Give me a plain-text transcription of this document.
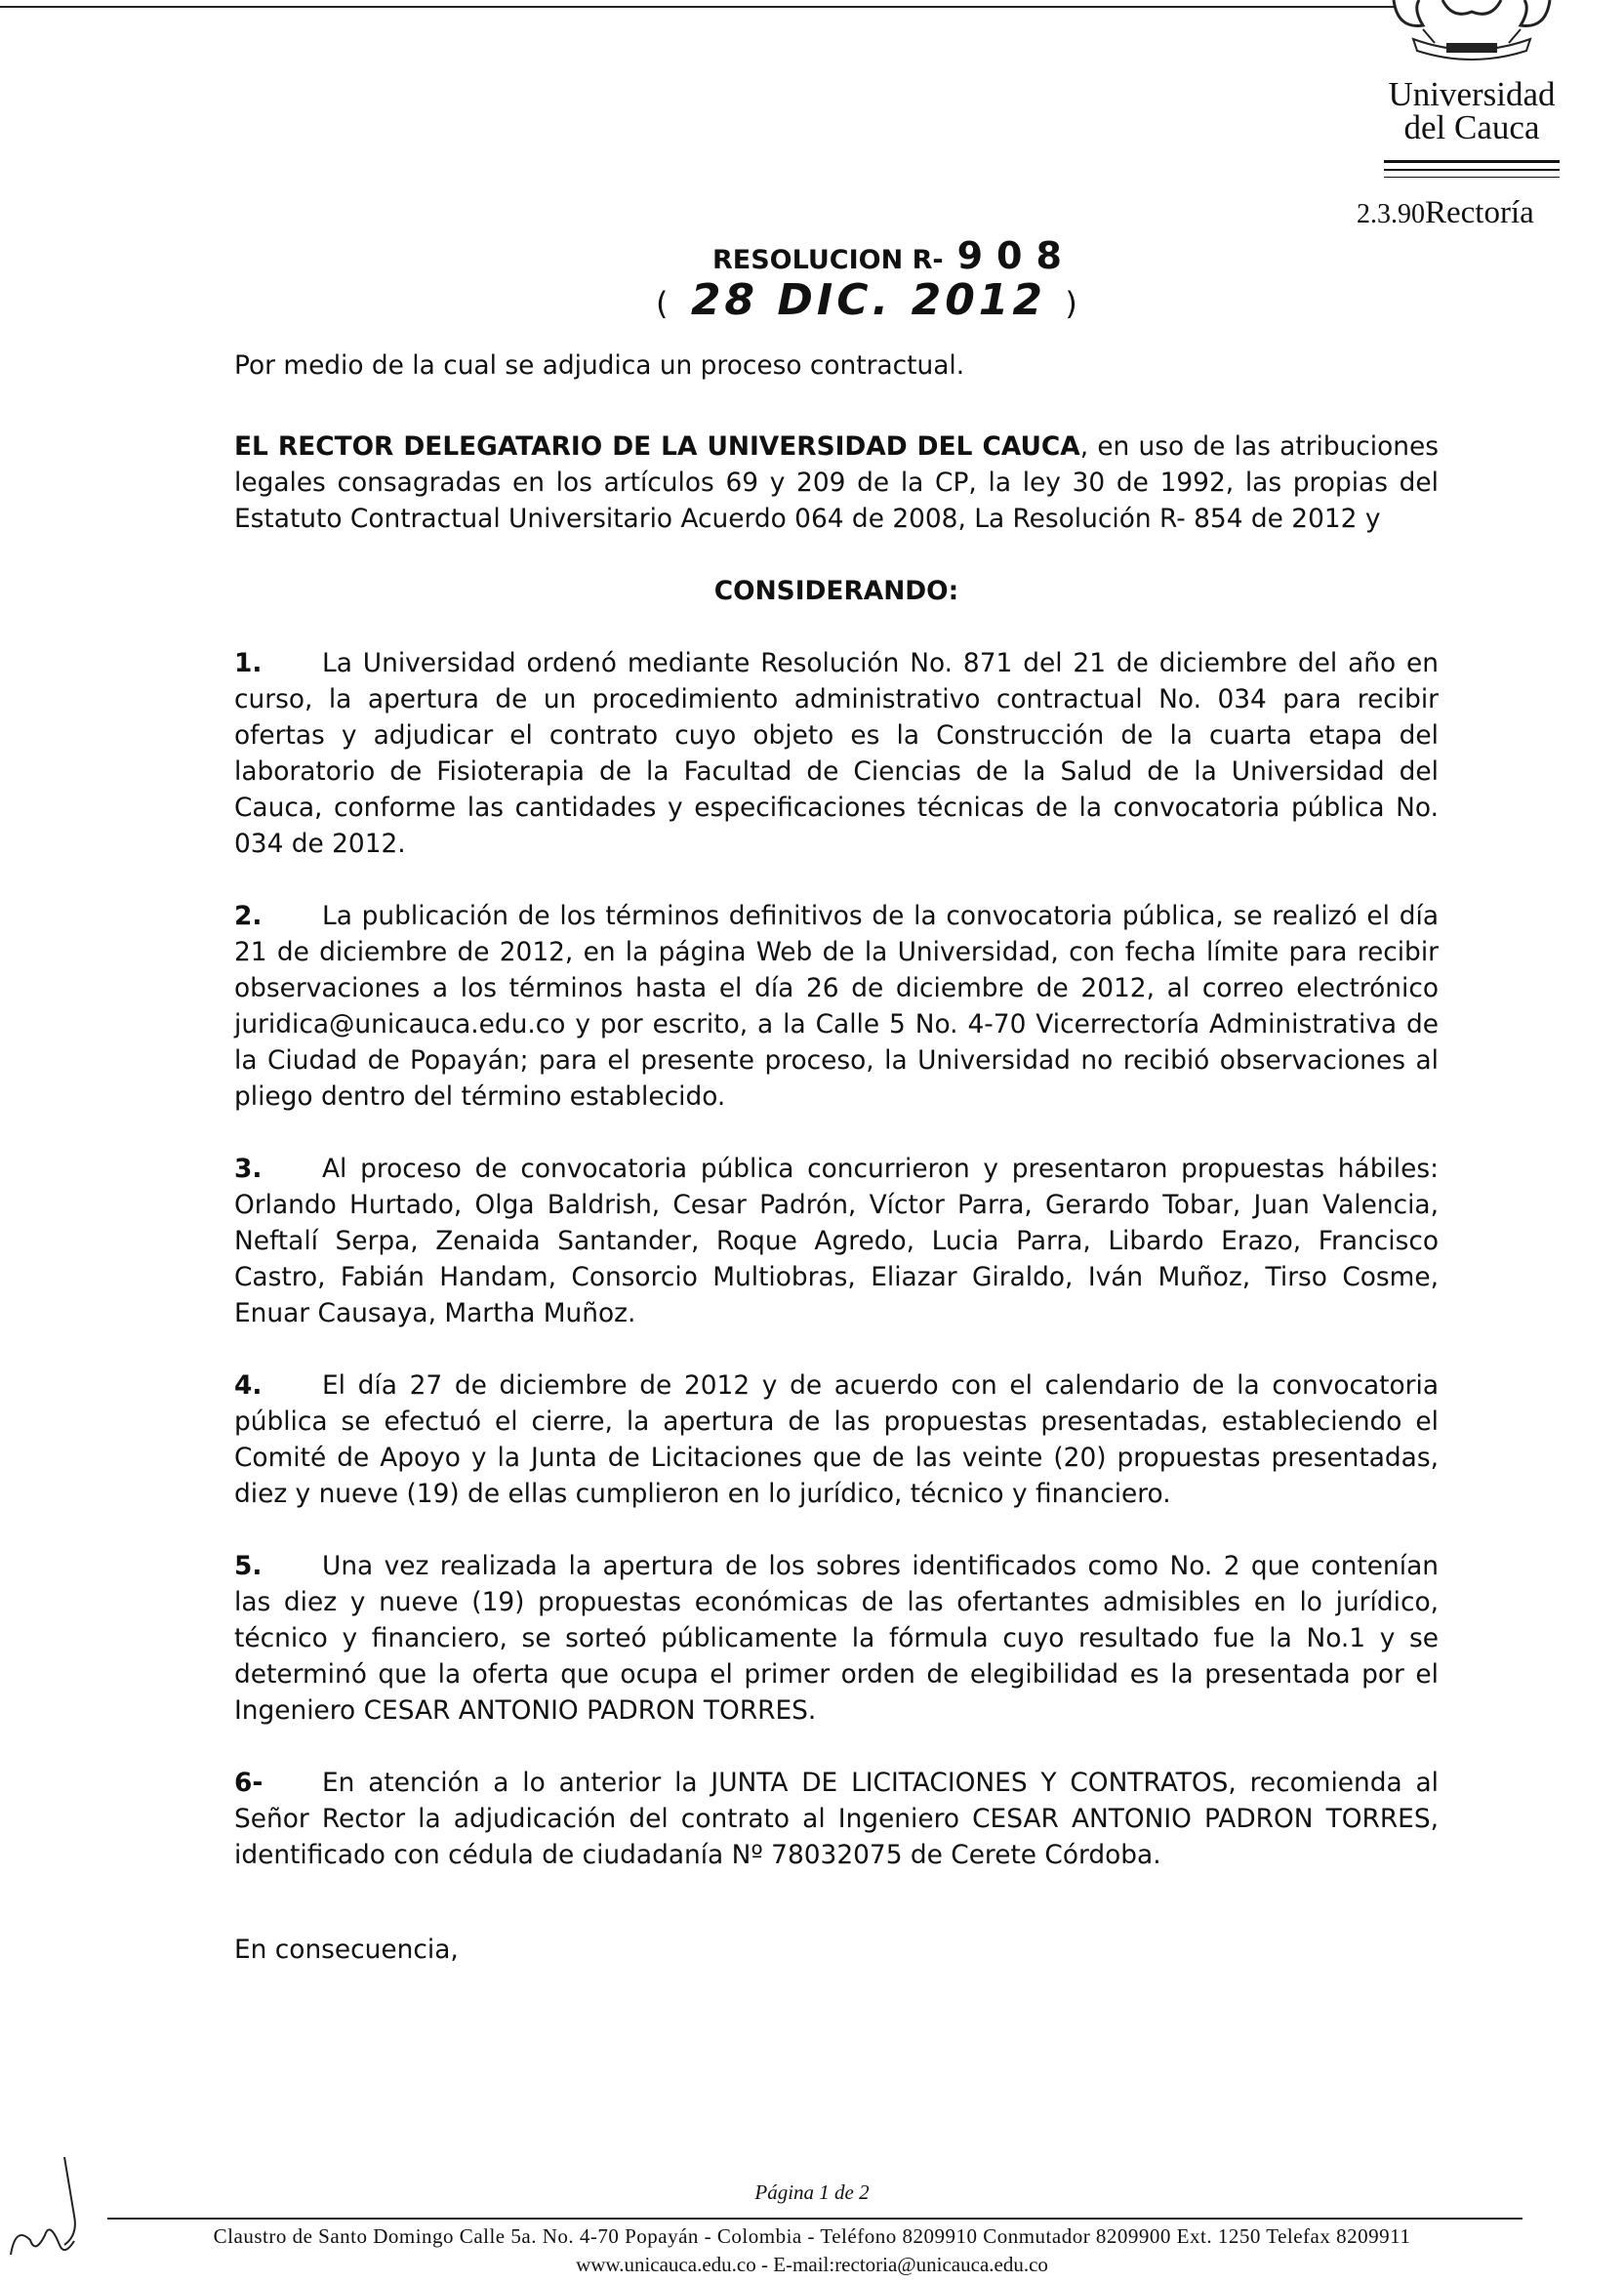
Universidad
del Cauca
2.3.90Rectoría
RESOLUCION R- 908
( 28 DIC. 2012 )

Por medio de la cual se adjudica un proceso contractual.

EL RECTOR DELEGATARIO DE LA UNIVERSIDAD DEL CAUCA, en uso de las atribuciones legales consagradas en los artículos 69 y 209 de la CP, la ley 30 de 1992, las propias del Estatuto Contractual Universitario Acuerdo 064 de 2008, La Resolución R- 854 de 2012 y

CONSIDERANDO:

1. La Universidad ordenó mediante Resolución No. 871 del 21 de diciembre del año en curso, la apertura de un procedimiento administrativo contractual No. 034 para recibir ofertas y adjudicar el contrato cuyo objeto es la Construcción de la cuarta etapa del laboratorio de Fisioterapia de la Facultad de Ciencias de la Salud de la Universidad del Cauca, conforme las cantidades y especificaciones técnicas de la convocatoria pública No. 034 de 2012.

2. La publicación de los términos definitivos de la convocatoria pública, se realizó el día 21 de diciembre de 2012, en la página Web de la Universidad, con fecha límite para recibir observaciones a los términos hasta el día 26 de diciembre de 2012, al correo electrónico juridica@unicauca.edu.co y por escrito, a la Calle 5 No. 4-70 Vicerrectoría Administrativa de la Ciudad de Popayán; para el presente proceso, la Universidad no recibió observaciones al pliego dentro del término establecido.

3. Al proceso de convocatoria pública concurrieron y presentaron propuestas hábiles: Orlando Hurtado, Olga Baldrish, Cesar Padrón, Víctor Parra, Gerardo Tobar, Juan Valencia, Neftalí Serpa, Zenaida Santander, Roque Agredo, Lucia Parra, Libardo Erazo, Francisco Castro, Fabián Handam, Consorcio Multiobras, Eliazar Giraldo, Iván Muñoz, Tirso Cosme, Enuar Causaya, Martha Muñoz.

4. El día 27 de diciembre de 2012 y de acuerdo con el calendario de la convocatoria pública se efectuó el cierre, la apertura de las propuestas presentadas, estableciendo el Comité de Apoyo y la Junta de Licitaciones que de las veinte (20) propuestas presentadas, diez y nueve (19) de ellas cumplieron en lo jurídico, técnico y financiero.

5. Una vez realizada la apertura de los sobres identificados como No. 2 que contenían las diez y nueve (19) propuestas económicas de las ofertantes admisibles en lo jurídico, técnico y financiero, se sorteó públicamente la fórmula cuyo resultado fue la No.1 y se determinó que la oferta que ocupa el primer orden de elegibilidad es la presentada por el Ingeniero CESAR ANTONIO PADRON TORRES.

6- En atención a lo anterior la JUNTA DE LICITACIONES Y CONTRATOS, recomienda al Señor Rector la adjudicación del contrato al Ingeniero CESAR ANTONIO PADRON TORRES, identificado con cédula de ciudadanía Nº 78032075 de Cerete Córdoba.

En consecuencia,

Página 1 de 2
Claustro de Santo Domingo Calle 5a. No. 4-70 Popayán - Colombia - Teléfono 8209910 Conmutador 8209900 Ext. 1250 Telefax 8209911
www.unicauca.edu.co - E-mail:rectoria@unicauca.edu.co
